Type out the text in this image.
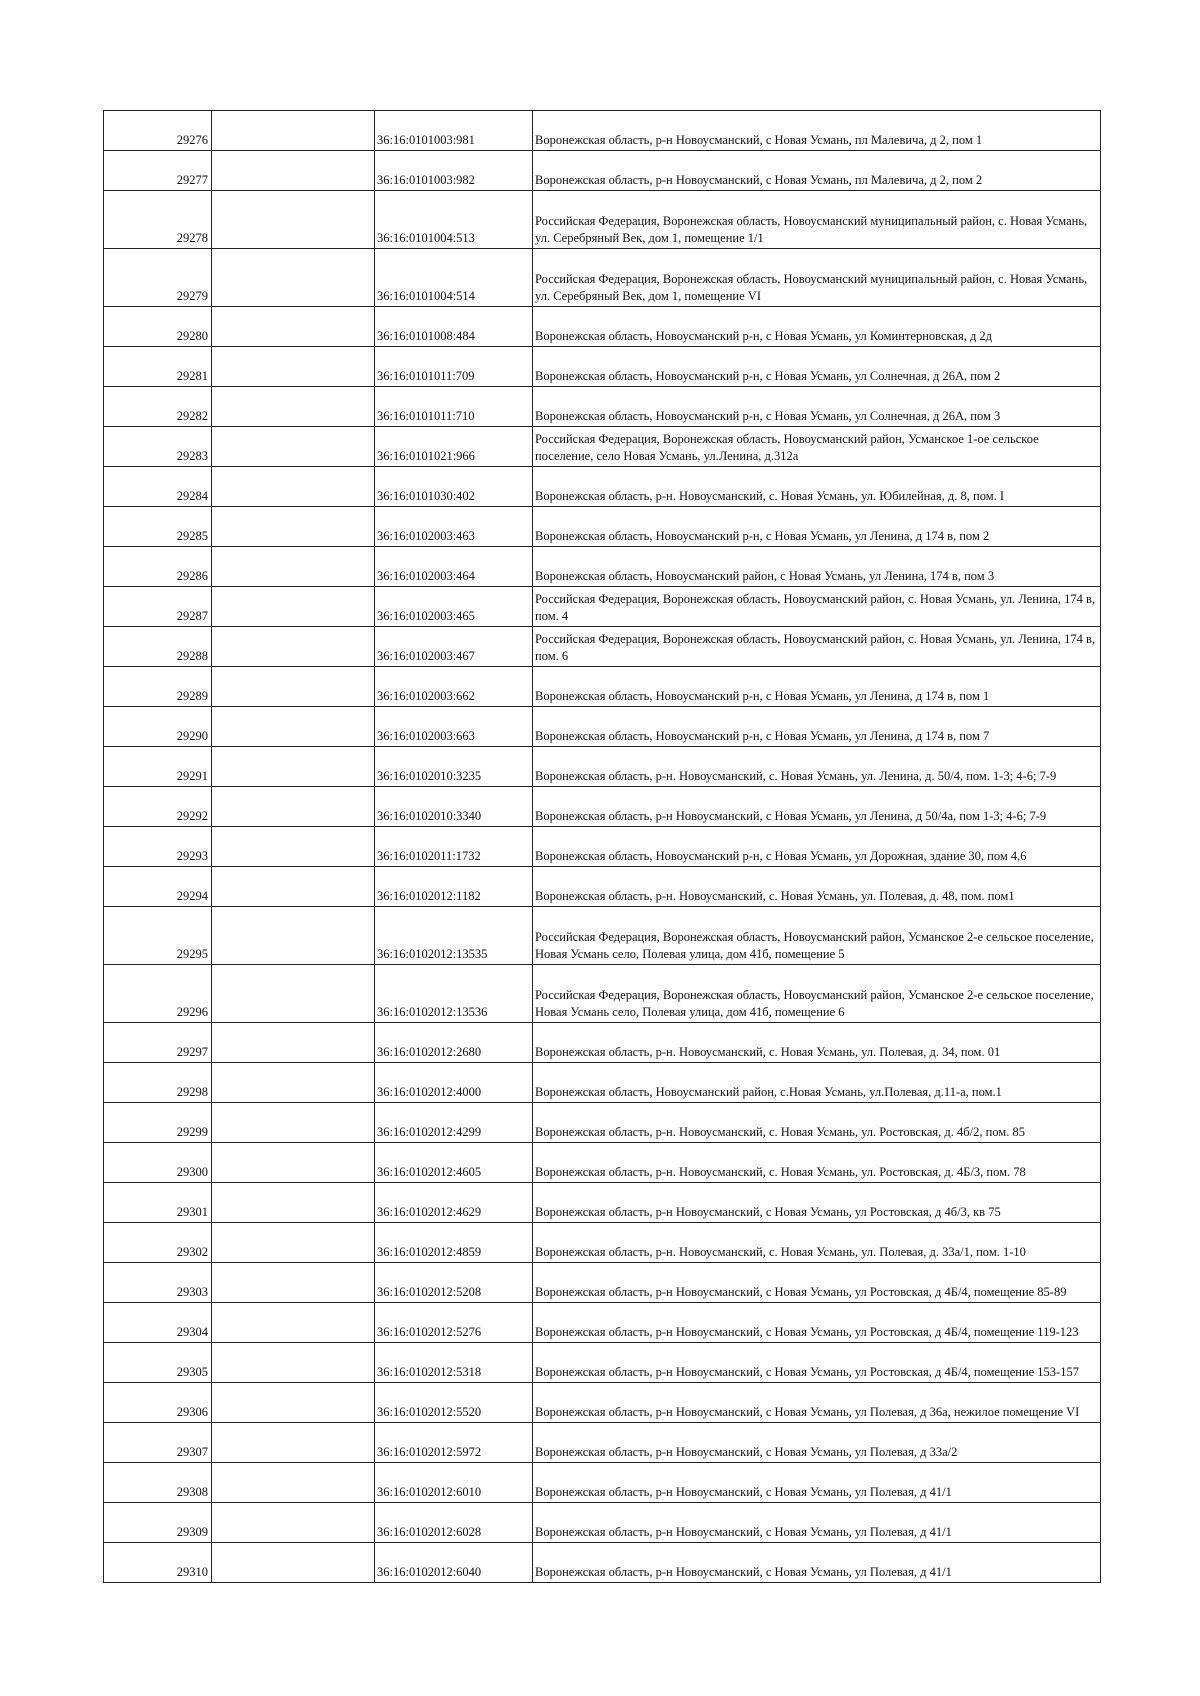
29276		36:16:0101003:981	Воронежская область, р-н Новоусманский, с Новая Усмань, пл Малевича, д 2, пом 1
29277		36:16:0101003:982	Воронежская область, р-н Новоусманский, с Новая Усмань, пл Малевича, д 2, пом 2
29278		36:16:0101004:513	Российская Федерация, Воронежская область, Новоусманский муниципальный район, с. Новая Усмань, ул. Серебряный Век, дом 1, помещение 1/1
29279		36:16:0101004:514	Российская Федерация, Воронежская область, Новоусманский муниципальный район, с. Новая Усмань, ул. Серебряный Век, дом 1, помещение VI
29280		36:16:0101008:484	Воронежская область, Новоусманский р-н, с Новая Усмань, ул Коминтерновская, д 2д
29281		36:16:0101011:709	Воронежская область, Новоусманский р-н, с Новая Усмань, ул Солнечная, д 26А, пом 2
29282		36:16:0101011:710	Воронежская область, Новоусманский р-н, с Новая Усмань, ул Солнечная, д 26А, пом 3
29283		36:16:0101021:966	Российская Федерация, Воронежская область, Новоусманский район, Усманское 1-ое сельское поселение, село Новая Усмань, ул.Ленина, д.312а
29284		36:16:0101030:402	Воронежская область, р-н. Новоусманский, с. Новая Усмань, ул. Юбилейная, д. 8, пом. I
29285		36:16:0102003:463	Воронежская область, Новоусманский р-н, с Новая Усмань, ул Ленина, д 174 в, пом 2
29286		36:16:0102003:464	Воронежская область, Новоусманский район, с Новая Усмань, ул Ленина, 174 в, пом 3
29287		36:16:0102003:465	Российская Федерация, Воронежская область, Новоусманский район, с. Новая Усмань, ул. Ленина, 174 в, пом. 4
29288		36:16:0102003:467	Российская Федерация, Воронежская область, Новоусманский район, с. Новая Усмань, ул. Ленина, 174 в, пом. 6
29289		36:16:0102003:662	Воронежская область, Новоусманский р-н, с Новая Усмань, ул Ленина, д 174 в, пом 1
29290		36:16:0102003:663	Воронежская область, Новоусманский р-н, с Новая Усмань, ул Ленина, д 174 в, пом 7
29291		36:16:0102010:3235	Воронежская область, р-н. Новоусманский, с. Новая Усмань, ул. Ленина, д. 50/4, пом. 1-3; 4-6; 7-9
29292		36:16:0102010:3340	Воронежская область, р-н Новоусманский, с Новая Усмань, ул Ленина, д 50/4а, пом 1-3; 4-6; 7-9
29293		36:16:0102011:1732	Воронежская область, Новоусманский р-н, с Новая Усмань, ул Дорожная, здание 30, пом 4,6
29294		36:16:0102012:1182	Воронежская область, р-н. Новоусманский, с. Новая Усмань, ул. Полевая, д. 48, пом. пом1
29295		36:16:0102012:13535	Российская Федерация, Воронежская область, Новоусманский район, Усманское 2-е сельское поселение, Новая Усмань село, Полевая улица, дом 41б, помещение 5
29296		36:16:0102012:13536	Российская Федерация, Воронежская область, Новоусманский район, Усманское 2-е сельское поселение, Новая Усмань село, Полевая улица, дом 41б, помещение 6
29297		36:16:0102012:2680	Воронежская область, р-н. Новоусманский, с. Новая Усмань, ул. Полевая, д. 34, пом. 01
29298		36:16:0102012:4000	Воронежская область, Новоусманский район, с.Новая Усмань, ул.Полевая, д.11-а, пом.1
29299		36:16:0102012:4299	Воронежская область, р-н. Новоусманский, с. Новая Усмань, ул. Ростовская, д. 4б/2, пом. 85
29300		36:16:0102012:4605	Воронежская область, р-н. Новоусманский, с. Новая Усмань, ул. Ростовская, д. 4Б/3, пом. 78
29301		36:16:0102012:4629	Воронежская область, р-н Новоусманский, с Новая Усмань, ул Ростовская, д 4б/3, кв 75
29302		36:16:0102012:4859	Воронежская область, р-н. Новоусманский, с. Новая Усмань, ул. Полевая, д. 33а/1, пом. 1-10
29303		36:16:0102012:5208	Воронежская область, р-н Новоусманский, с Новая Усмань, ул Ростовская, д 4Б/4, помещение 85-89
29304		36:16:0102012:5276	Воронежская область, р-н Новоусманский, с Новая Усмань, ул Ростовская, д 4Б/4, помещение 119-123
29305		36:16:0102012:5318	Воронежская область, р-н Новоусманский, с Новая Усмань, ул Ростовская, д 4Б/4, помещение 153-157
29306		36:16:0102012:5520	Воронежская область, р-н Новоусманский, с Новая Усмань, ул Полевая, д 36а, нежилое помещение VI
29307		36:16:0102012:5972	Воронежская область, р-н Новоусманский, с Новая Усмань, ул Полевая, д 33а/2
29308		36:16:0102012:6010	Воронежская область, р-н Новоусманский, с Новая Усмань, ул Полевая, д 41/1
29309		36:16:0102012:6028	Воронежская область, р-н Новоусманский, с Новая Усмань, ул Полевая, д 41/1
29310		36:16:0102012:6040	Воронежская область, р-н Новоусманский, с Новая Усмань, ул Полевая, д 41/1
